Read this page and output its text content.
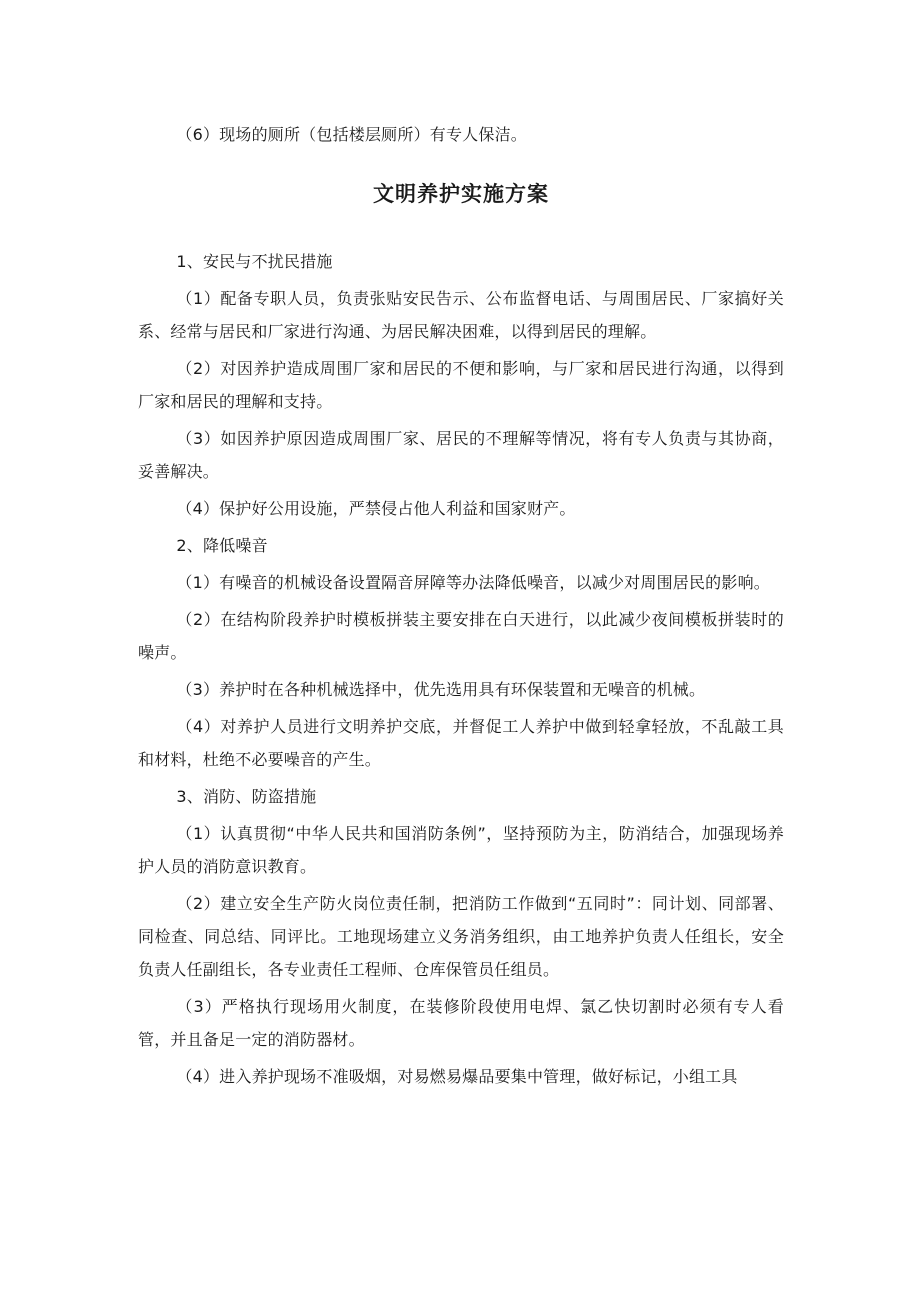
（6）现场的厕所（包括楼层厕所）有专人保洁。

文明养护实施方案

1、安民与不扰民措施

（1）配备专职人员，负责张贴安民告示、公布监督电话、与周围居民、厂家搞好关系、经常与居民和厂家进行沟通、为居民解决困难，以得到居民的理解。

（2）对因养护造成周围厂家和居民的不便和影响，与厂家和居民进行沟通，以得到厂家和居民的理解和支持。

（3）如因养护原因造成周围厂家、居民的不理解等情况，将有专人负责与其协商，妥善解决。

（4）保护好公用设施，严禁侵占他人利益和国家财产。

2、降低噪音

（1）有噪音的机械设备设置隔音屏障等办法降低噪音，以减少对周围居民的影响。

（2）在结构阶段养护时模板拼装主要安排在白天进行，以此减少夜间模板拼装时的噪声。

（3）养护时在各种机械选择中，优先选用具有环保装置和无噪音的机械。

（4）对养护人员进行文明养护交底，并督促工人养护中做到轻拿轻放，不乱敲工具和材料，杜绝不必要噪音的产生。

3、消防、防盗措施

（1）认真贯彻“中华人民共和国消防条例”，坚持预防为主，防消结合，加强现场养护人员的消防意识教育。

（2）建立安全生产防火岗位责任制，把消防工作做到“五同时”：同计划、同部署、同检查、同总结、同评比。工地现场建立义务消务组织，由工地养护负责人任组长，安全负责人任副组长，各专业责任工程师、仓库保管员任组员。

（3）严格执行现场用火制度，在装修阶段使用电焊、氯乙快切割时必须有专人看管，并且备足一定的消防器材。

（4）进入养护现场不准吸烟，对易燃易爆品要集中管理，做好标记，小组工具
